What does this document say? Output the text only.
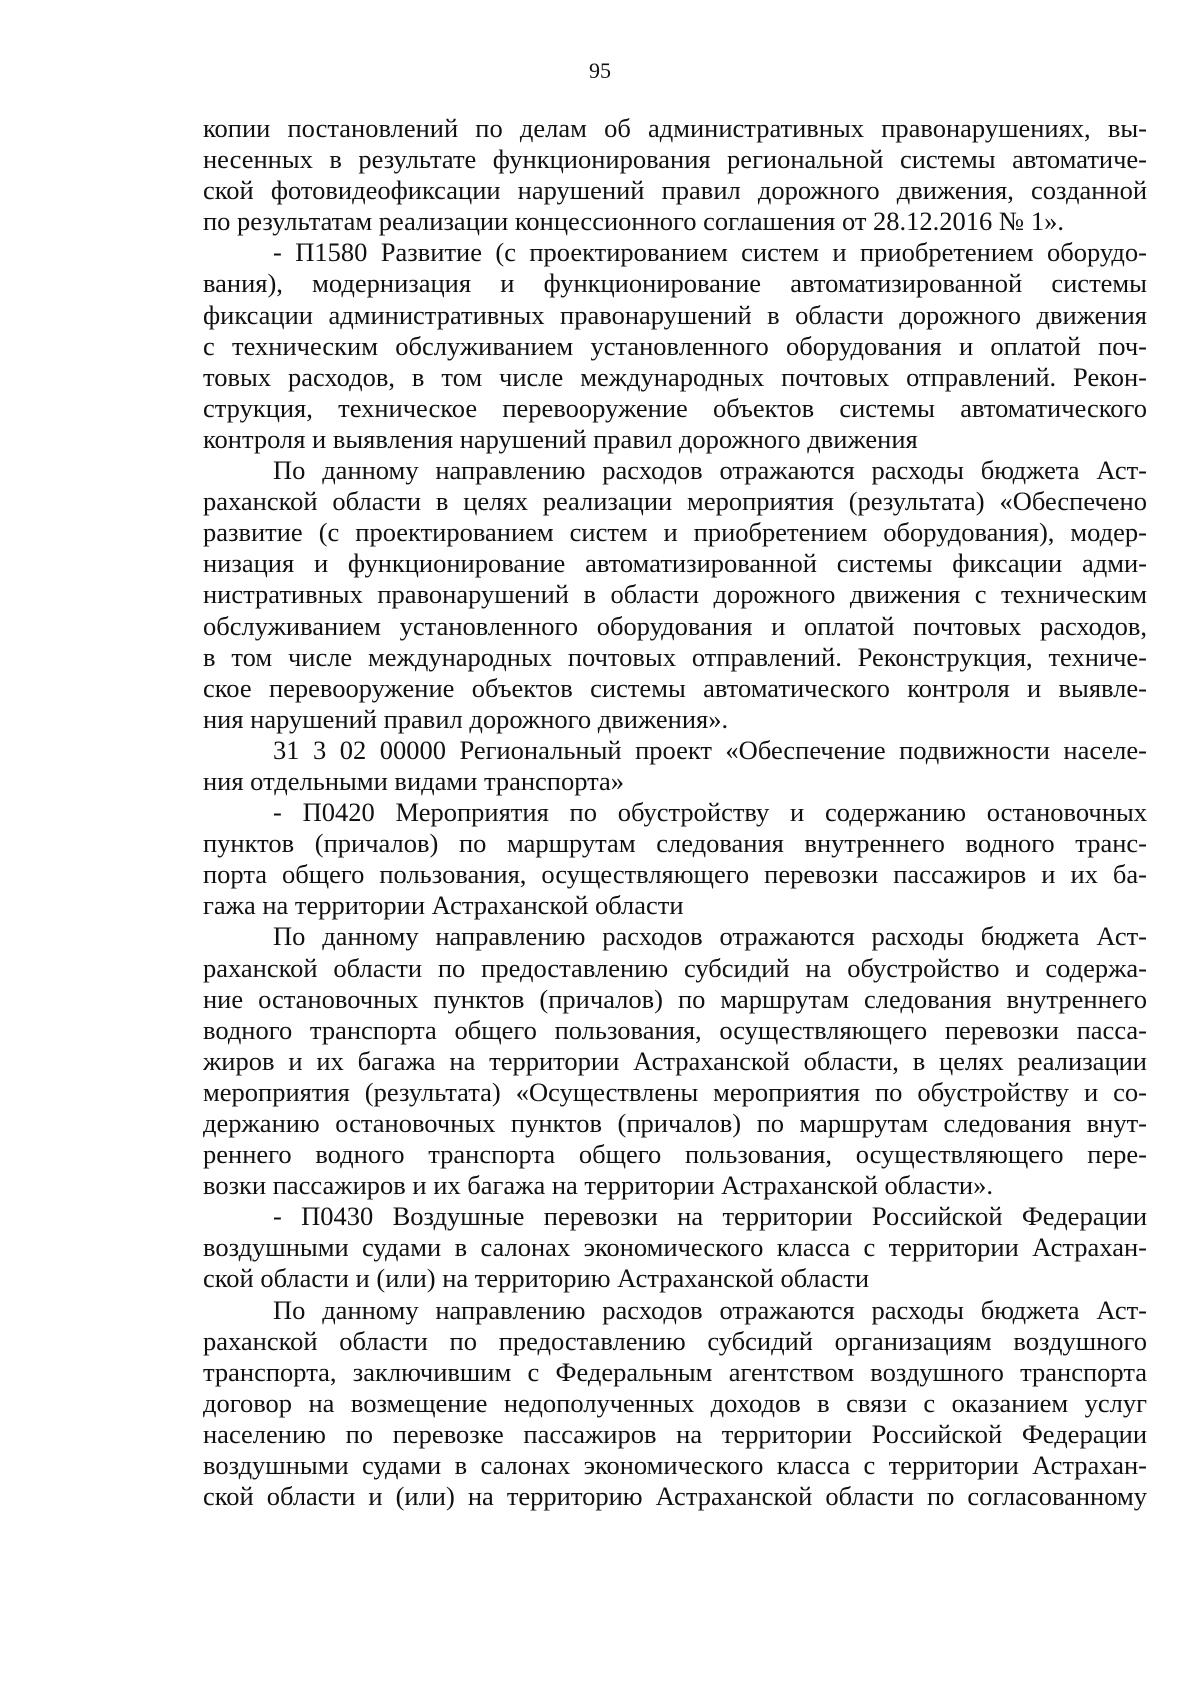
95
копии постановлений по делам об административных правонарушениях, вы-
несенных в результате функционирования региональной системы автоматиче-
ской фотовидеофиксации нарушений правил дорожного движения, созданной
по результатам реализации концессионного соглашения от 28.12.2016 № 1».
- П1580 Развитие (с проектированием систем и приобретением оборудо-
вания), модернизация и функционирование автоматизированной системы
фиксации административных правонарушений в области дорожного движения
с техническим обслуживанием установленного оборудования и оплатой поч-
товых расходов, в том числе международных почтовых отправлений. Рекон-
струкция, техническое перевооружение объектов системы автоматического
контроля и выявления нарушений правил дорожного движения
По данному направлению расходов отражаются расходы бюджета Аст-
раханской области в целях реализации мероприятия (результата) «Обеспечено
развитие (с проектированием систем и приобретением оборудования), модер-
низация и функционирование автоматизированной системы фиксации адми-
нистративных правонарушений в области дорожного движения с техническим
обслуживанием установленного оборудования и оплатой почтовых расходов,
в том числе международных почтовых отправлений. Реконструкция, техниче-
ское перевооружение объектов системы автоматического контроля и выявле-
ния нарушений правил дорожного движения».
31 3 02 00000 Региональный проект «Обеспечение подвижности населе-
ния отдельными видами транспорта»
- П0420 Мероприятия по обустройству и содержанию остановочных
пунктов (причалов) по маршрутам следования внутреннего водного транс-
порта общего пользования, осуществляющего перевозки пассажиров и их ба-
гажа на территории Астраханской области
По данному направлению расходов отражаются расходы бюджета Аст-
раханской области по предоставлению субсидий на обустройство и содержа-
ние остановочных пунктов (причалов) по маршрутам следования внутреннего
водного транспорта общего пользования, осуществляющего перевозки пасса-
жиров и их багажа на территории Астраханской области, в целях реализации
мероприятия (результата) «Осуществлены мероприятия по обустройству и со-
держанию остановочных пунктов (причалов) по маршрутам следования внут-
реннего водного транспорта общего пользования, осуществляющего пере-
возки пассажиров и их багажа на территории Астраханской области».
- П0430 Воздушные перевозки на территории Российской Федерации
воздушными судами в салонах экономического класса с территории Астрахан-
ской области и (или) на территорию Астраханской области
По данному направлению расходов отражаются расходы бюджета Аст-
раханской области по предоставлению субсидий организациям воздушного
транспорта, заключившим с Федеральным агентством воздушного транспорта
договор на возмещение недополученных доходов в связи с оказанием услуг
населению по перевозке пассажиров на территории Российской Федерации
воздушными судами в салонах экономического класса с территории Астрахан-
ской области и (или) на территорию Астраханской области по согласованному
